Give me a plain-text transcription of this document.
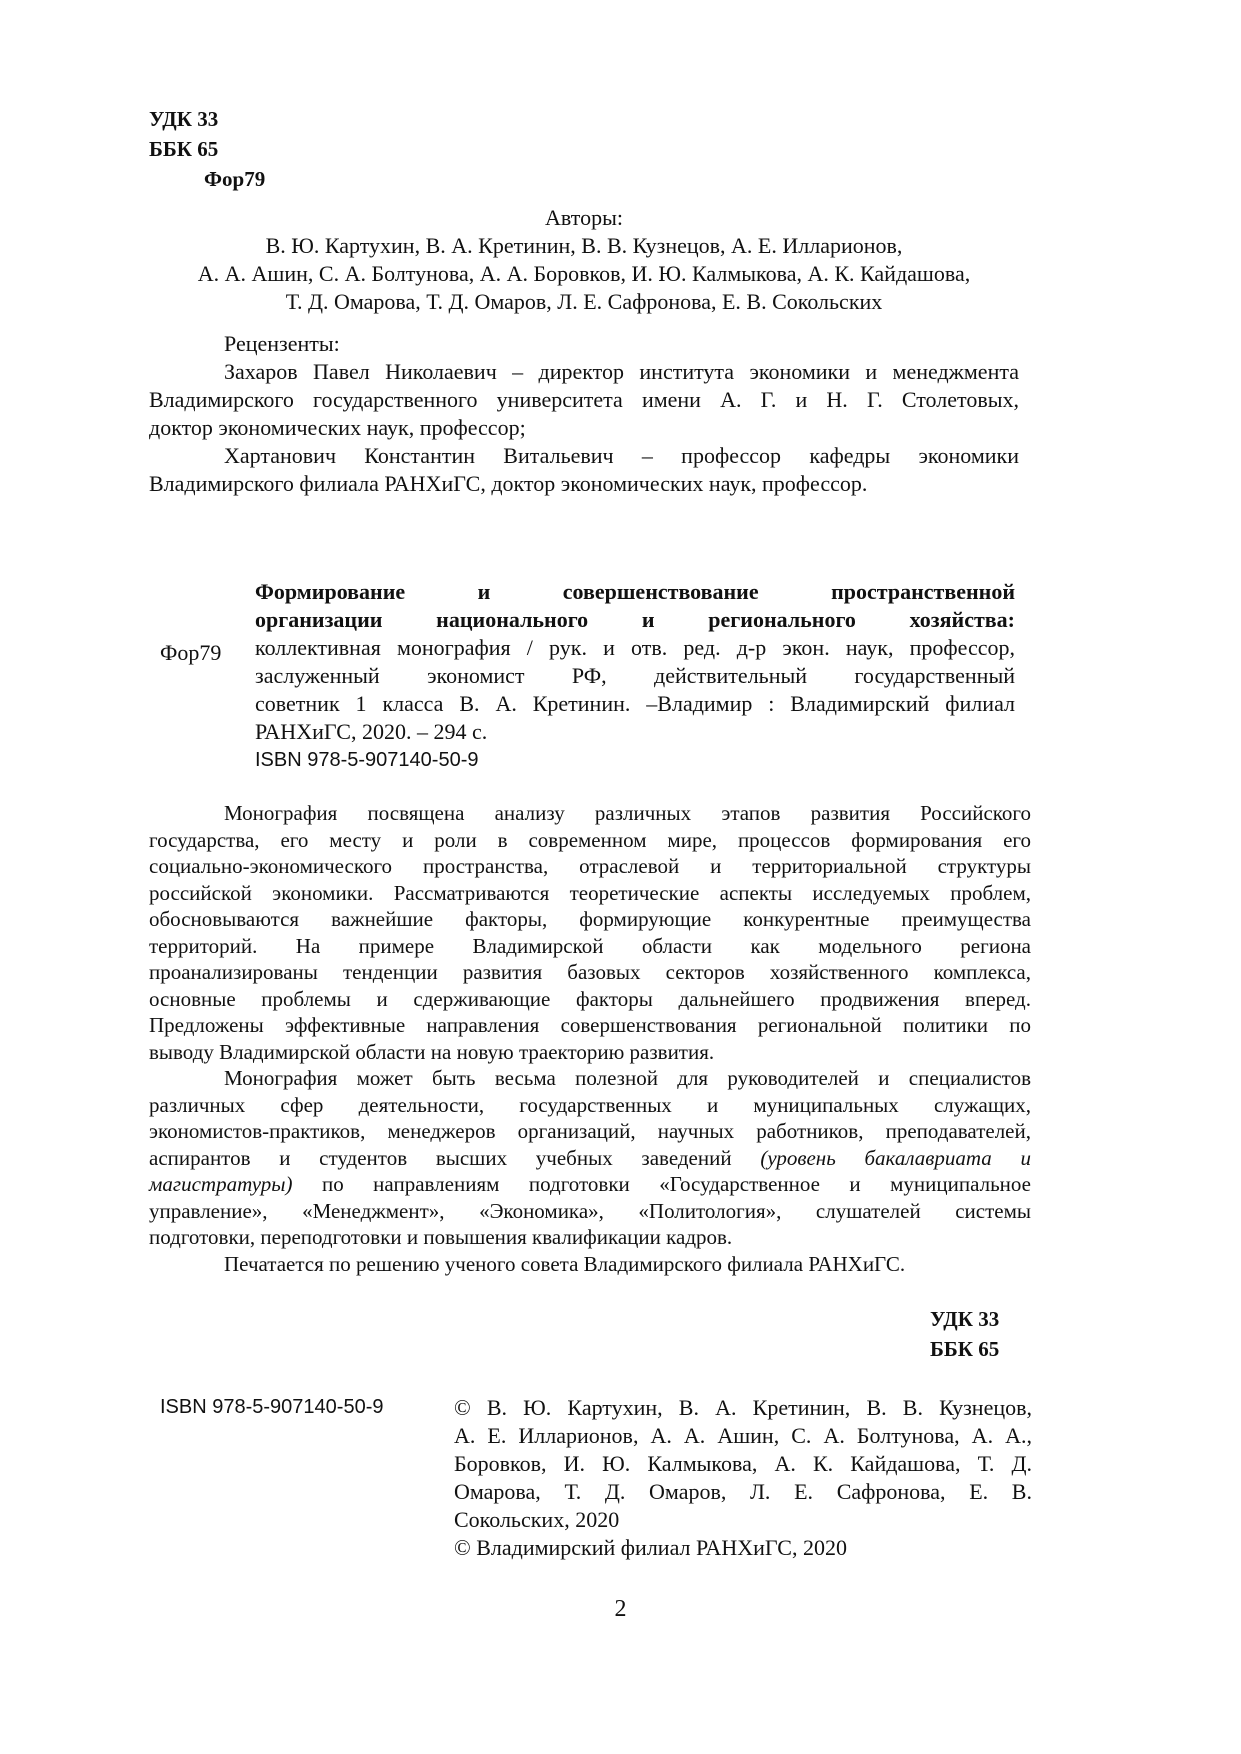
УДК 33
ББК 65
Фор79
Авторы:
В. Ю. Картухин, В. А. Кретинин, В. В. Кузнецов, А. Е. Илларионов,
А. А. Ашин, С. А. Болтунова, А. А. Боровков, И. Ю. Калмыкова, А. К. Кайдашова,
Т. Д. Омарова, Т. Д. Омаров, Л. Е. Сафронова, Е. В. Сокольских
Рецензенты:
Захаров Павел Николаевич – директор института экономики и менеджмента
Владимирского государственного университета имени А. Г. и Н. Г. Столетовых,
доктор экономических наук, профессор;
Хартанович Константин Витальевич – профессор кафедры экономики
Владимирского филиала РАНХиГС, доктор экономических наук, профессор.
Фор79
Формирование и совершенствование пространственной
организации национального и регионального хозяйства:
коллективная монография / рук. и отв. ред. д-р экон. наук, профессор,
заслуженный экономист РФ, действительный государственный
советник 1 класса В. А. Кретинин. –Владимир : Владимирский филиал
РАНХиГС, 2020. – 294 с.
ISBN 978-5-907140-50-9
Монография посвящена анализу различных этапов развития Российского
государства, его месту и роли в современном мире, процессов формирования его
социально-экономического пространства, отраслевой и территориальной структуры
российской экономики. Рассматриваются теоретические аспекты исследуемых проблем,
обосновываются важнейшие факторы, формирующие конкурентные преимущества
территорий. На примере Владимирской области как модельного региона
проанализированы тенденции развития базовых секторов хозяйственного комплекса,
основные проблемы и сдерживающие факторы дальнейшего продвижения вперед.
Предложены эффективные направления совершенствования региональной политики по
выводу Владимирской области на новую траекторию развития.
Монография может быть весьма полезной для руководителей и специалистов
различных сфер деятельности, государственных и муниципальных служащих,
экономистов-практиков, менеджеров организаций, научных работников, преподавателей,
аспирантов и студентов высших учебных заведений (уровень бакалавриата и
магистратуры) по направлениям подготовки «Государственное и муниципальное
управление», «Менеджмент», «Экономика», «Политология», слушателей системы
подготовки, переподготовки и повышения квалификации кадров.
Печатается по решению ученого совета Владимирского филиала РАНХиГС.
УДК 33
ББК 65
ISBN 978-5-907140-50-9	© В. Ю. Картухин, В. А. Кретинин, В. В. Кузнецов,
А. Е. Илларионов, А. А. Ашин, С. А. Болтунова, А. А.,
Боровков, И. Ю. Калмыкова, А. К. Кайдашова, Т. Д.
Омарова, Т. Д. Омаров, Л. Е. Сафронова, Е. В.
Сокольских, 2020
© Владимирский филиал РАНХиГС, 2020
2
